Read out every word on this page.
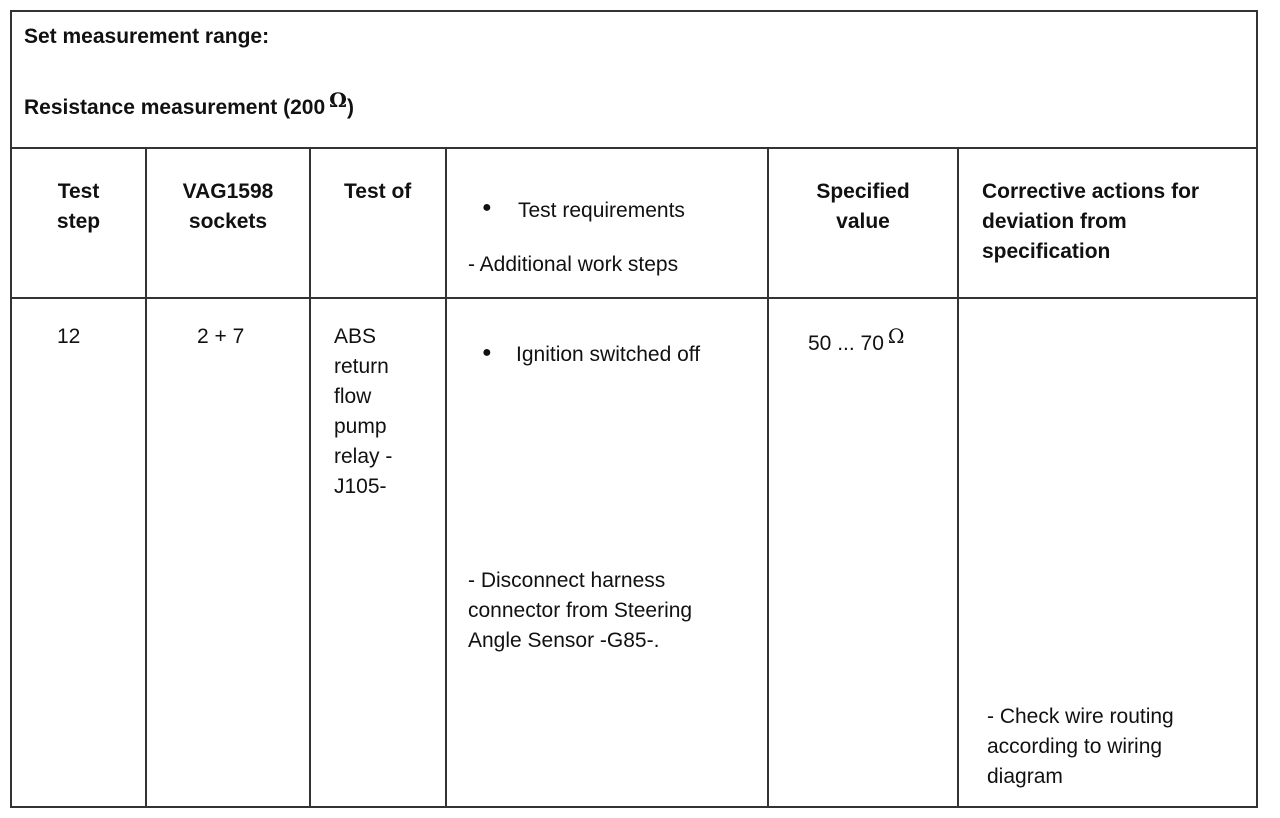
Set measurement range:
Resistance measurement (200 Ω)
Test
step
VAG1598
sockets
Test of
● Test requirements
- Additional work steps
Specified
value
Corrective actions for
deviation from
specification
12	2 + 7	ABS
return
flow
pump
relay -
J105-
● Ignition switched off
- Disconnect harness
connector from Steering
Angle Sensor -G85-.
50 ... 70 Ω
- Check wire routing
according to wiring
diagram
